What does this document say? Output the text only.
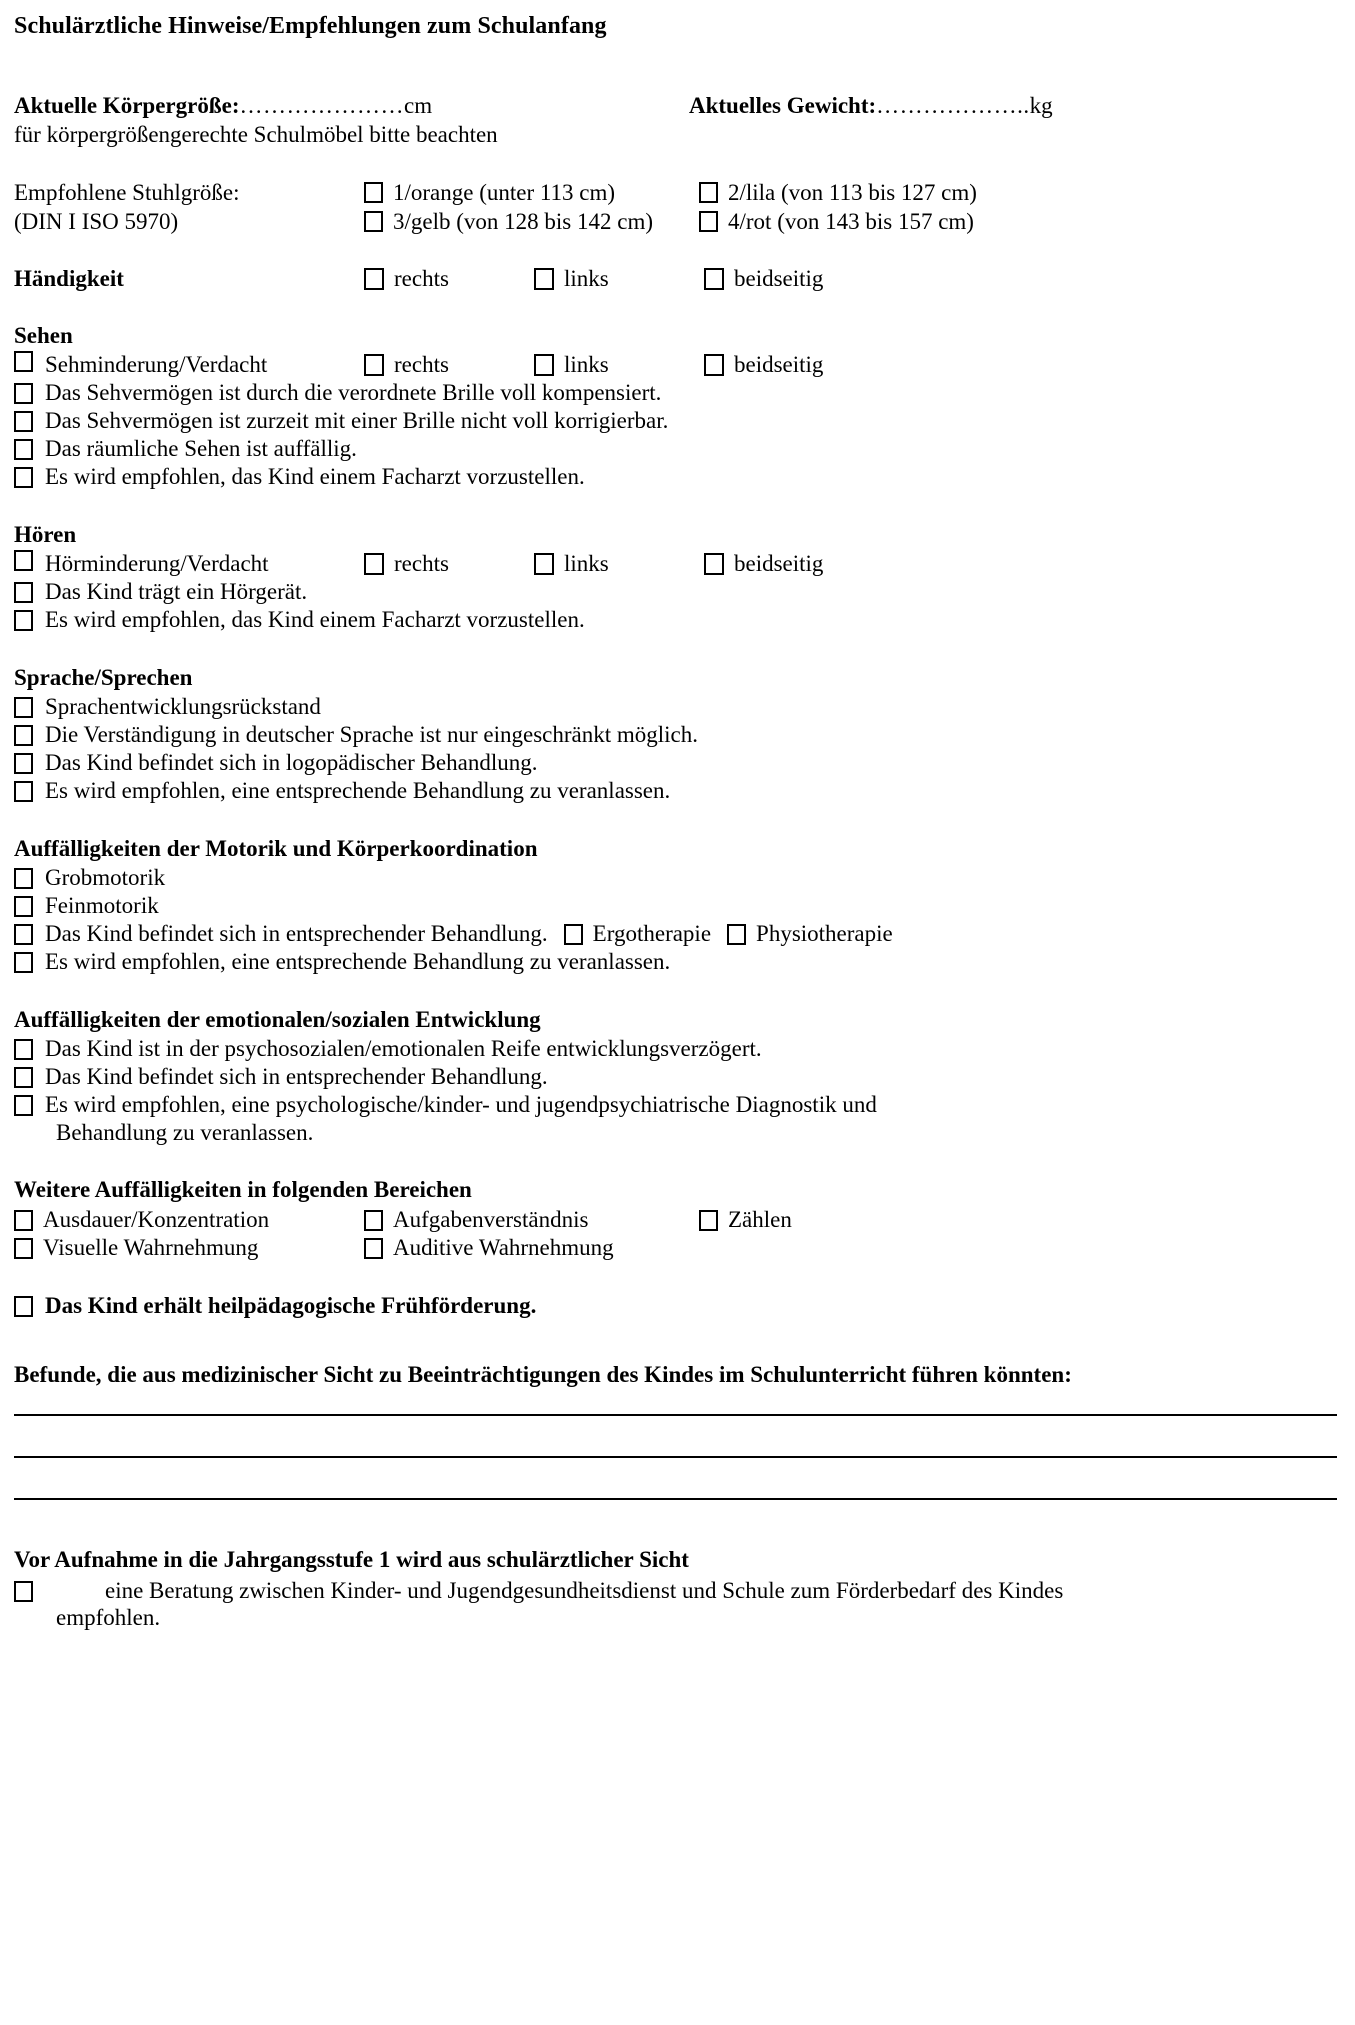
Schulärztliche Hinweise/Empfehlungen zum Schulanfang
Aktuelle Körpergröße: ………………… cm	Aktuelles Gewicht: ……………….. kg
für körpergrößengerechte Schulmöbel bitte beachten
Empfohlene Stuhlgröße:	1/orange (unter 113 cm)	2/lila (von 113 bis 127 cm)
(DIN I ISO 5970)	3/gelb (von 128 bis 142 cm)	4/rot (von 143 bis 157 cm)
Händigkeit	rechts	links	beidseitig
Sehen
Sehminderung/Verdacht	rechts	links	beidseitig
Das Sehvermögen ist durch die verordnete Brille voll kompensiert.
Das Sehvermögen ist zurzeit mit einer Brille nicht voll korrigierbar.
Das räumliche Sehen ist auffällig.
Es wird empfohlen, das Kind einem Facharzt vorzustellen.
Hören
Hörminderung/Verdacht	rechts	links	beidseitig
Das Kind trägt ein Hörgerät.
Es wird empfohlen, das Kind einem Facharzt vorzustellen.
Sprache/Sprechen
Sprachentwicklungsrückstand
Die Verständigung in deutscher Sprache ist nur eingeschränkt möglich.
Das Kind befindet sich in logopädischer Behandlung.
Es wird empfohlen, eine entsprechende Behandlung zu veranlassen.
Auffälligkeiten der Motorik und Körperkoordination
Grobmotorik
Feinmotorik
Das Kind befindet sich in entsprechender Behandlung. Ergotherapie Physiotherapie
Es wird empfohlen, eine entsprechende Behandlung zu veranlassen.
Auffälligkeiten der emotionalen/sozialen Entwicklung
Das Kind ist in der psychosozialen/emotionalen Reife entwicklungsverzögert.
Das Kind befindet sich in entsprechender Behandlung.
Es wird empfohlen, eine psychologische/kinder- und jugendpsychiatrische Diagnostik und
Behandlung zu veranlassen.
Weitere Auffälligkeiten in folgenden Bereichen
Ausdauer/Konzentration	Aufgabenverständnis	Zählen
Visuelle Wahrnehmung	Auditive Wahrnehmung
Das Kind erhält heilpädagogische Frühförderung.
Befunde, die aus medizinischer Sicht zu Beeinträchtigungen des Kindes im Schulunterricht führen könnten:
Vor Aufnahme in die Jahrgangsstufe 1 wird aus schulärztlicher Sicht
eine Beratung zwischen Kinder- und Jugendgesundheitsdienst und Schule zum Förderbedarf des Kindes
empfohlen.
